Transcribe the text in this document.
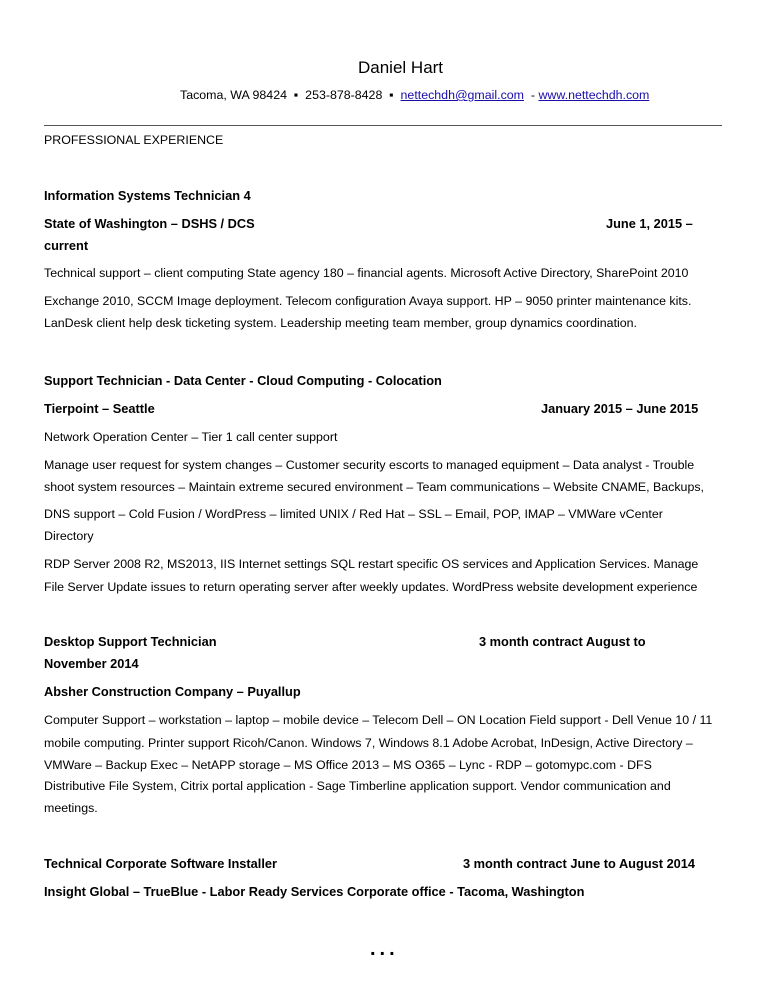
Daniel Hart
Tacoma, WA 98424 ▪ 253-878-8428 ▪ nettechdh@gmail.com - www.nettechdh.com
PROFESSIONAL EXPERIENCE
Information Systems Technician 4
State of Washington – DSHS / DCS	June 1, 2015 –
current
Technical support – client computing State agency 180 – financial agents. Microsoft Active Directory, SharePoint 2010
Exchange 2010, SCCM Image deployment. Telecom configuration Avaya support. HP – 9050 printer maintenance kits.
LanDesk client help desk ticketing system. Leadership meeting team member, group dynamics coordination.
Support Technician - Data Center - Cloud Computing - Colocation
Tierpoint – Seattle	January 2015 – June 2015
Network Operation Center – Tier 1 call center support
Manage user request for system changes – Customer security escorts to managed equipment – Data analyst - Trouble
shoot system resources – Maintain extreme secured environment – Team communications – Website CNAME, Backups,
DNS support – Cold Fusion / WordPress – limited UNIX / Red Hat – SSL – Email, POP, IMAP – VMWare vCenter
Directory
RDP Server 2008 R2, MS2013, IIS Internet settings SQL restart specific OS services and Application Services. Manage
File Server Update issues to return operating server after weekly updates. WordPress website development experience
Desktop Support Technician	3 month contract August to
November 2014
Absher Construction Company – Puyallup
Computer Support – workstation – laptop – mobile device – Telecom Dell – ON Location Field support - Dell Venue 10 / 11
mobile computing. Printer support Ricoh/Canon. Windows 7, Windows 8.1 Adobe Acrobat, InDesign, Active Directory –
VMWare – Backup Exec – NetAPP storage – MS Office 2013 – MS O365 – Lync - RDP – gotomypc.com - DFS
Distributive File System, Citrix portal application - Sage Timberline application support. Vendor communication and
meetings.
Technical Corporate Software Installer	3 month contract June to August 2014
Insight Global – TrueBlue - Labor Ready Services Corporate office - Tacoma, Washington
...
